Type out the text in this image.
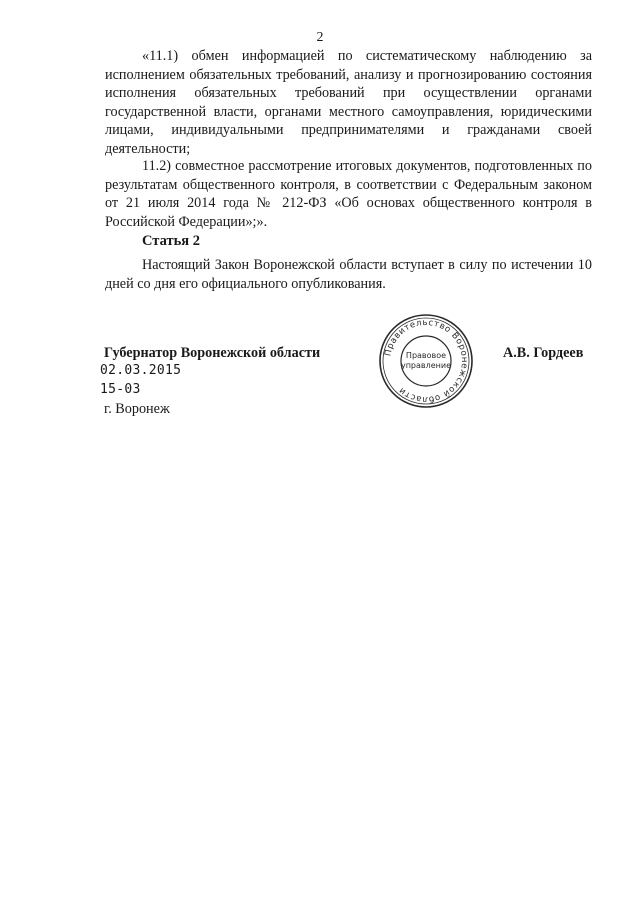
2

«11.1) обмен информацией по систематическому наблюдению за исполнением обязательных требований, анализу и прогнозированию состояния исполнения обязательных требований при осуществлении органами государственной власти, органами местного самоуправления, юридическими лицами, индивидуальными предпринимателями и гражданами своей деятельности;

11.2) совместное рассмотрение итоговых документов, подготовленных по результатам общественного контроля, в соответствии с Федеральным законом от 21 июля 2014 года № 212-ФЗ «Об основах общественного контроля в Российской Федерации»;».

Статья 2

Настоящий Закон Воронежской области вступает в силу по истечении 10 дней со дня его официального опубликования.

Губернатор Воронежской области	А.В. Гордеев
02.03.2015
15-03
г. Воронеж
Правительство Воронежской области
Правовое
управление
